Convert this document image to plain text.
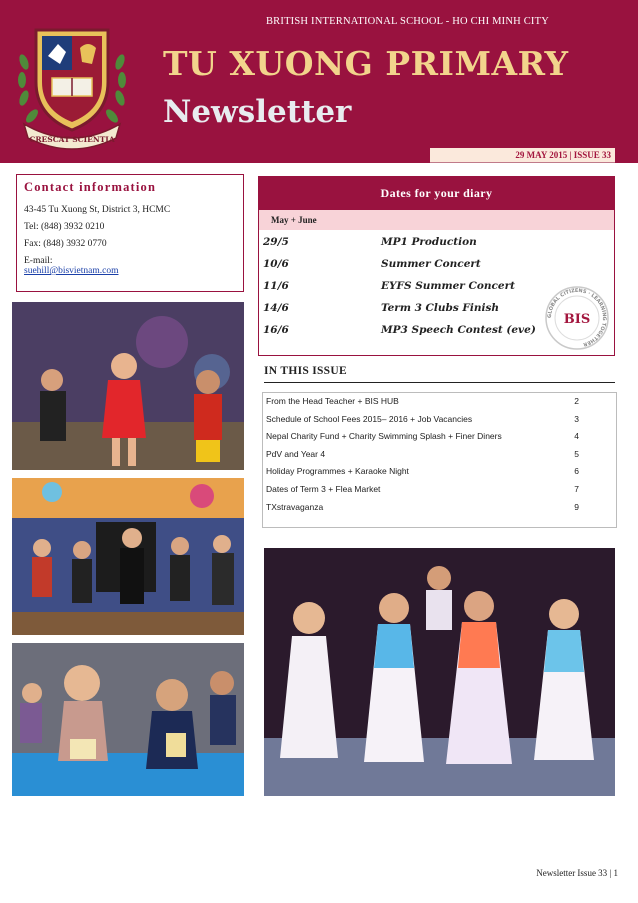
CRESCAT SCIENTIA
BRITISH INTERNATIONAL SCHOOL - HO CHI MINH CITY
TU XUONG PRIMARY
Newsletter
29 MAY 2015 | ISSUE 33
Contact information

43-45 Tu Xuong St, District 3, HCMC

Tel: (848) 3932 0210

Fax: (848) 3932 0770

E-mail:

suehill@bisvietnam.com

Dates for your diary
May + June
29/5	MP1 Production
10/6	Summer Concert
11/6	EYFS Summer Concert
14/6	Term 3 Clubs Finish
16/6	MP3 Speech Contest (eve)
GLOBAL CITIZENS · LEARNING TOGETHER
BIS
IN THIS ISSUE
From the Head Teacher + BIS HUB	2
Schedule of School Fees 2015– 2016 + Job Vacancies	3
Nepal Charity Fund + Charity Swimming Splash + Finer Diners	4
PdV and Year 4	5
Holiday Programmes + Karaoke Night	6
Dates of Term 3 + Flea Market	7
TXstravaganza	9
Newsletter Issue 33 | 1
